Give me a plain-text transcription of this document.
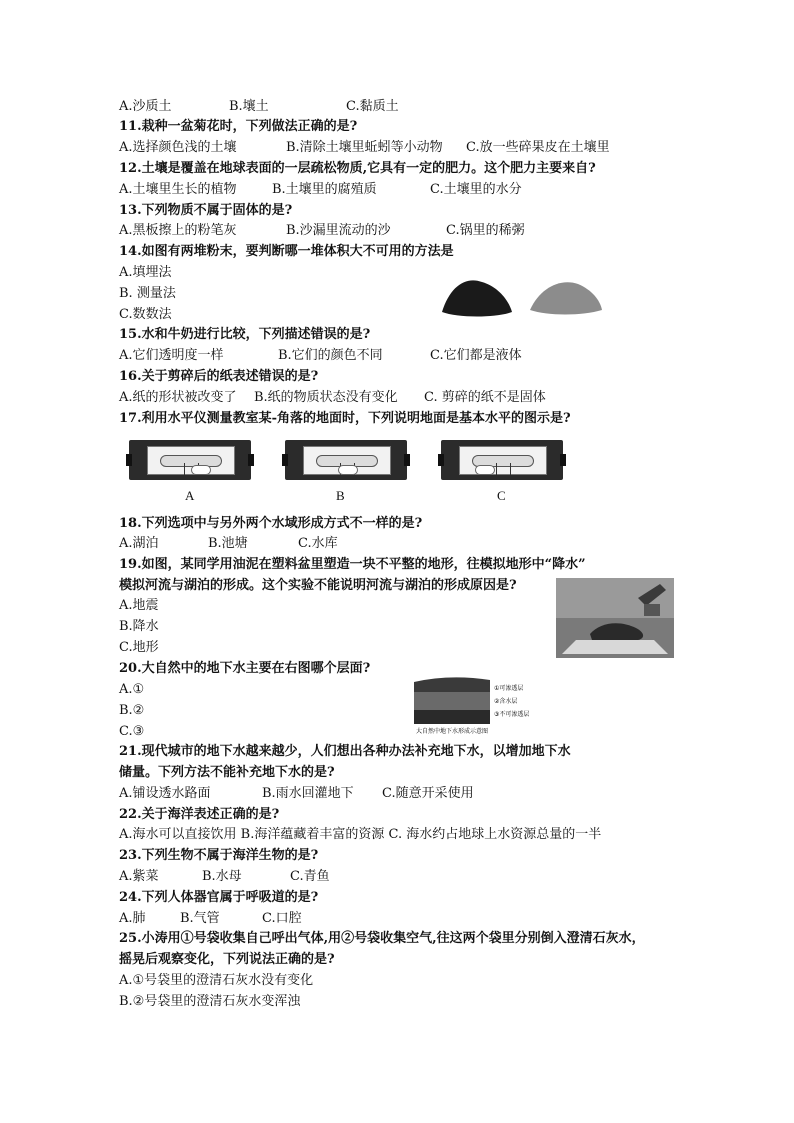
A.沙质土	B.壤土	C.黏质土
11.栽种一盆菊花时，下列做法正确的是?
A.选择颜色浅的土壤	B.清除土壤里蚯蚓等小动物 C.放一些碎果皮在土壤里
12.土壤是覆盖在地球表面的一层疏松物质,它具有一定的肥力。这个肥力主要来自?
A.土壤里生长的植物	B.土壤里的腐殖质	C.土壤里的水分
13.下列物质不属于固体的是?
A.黑板擦上的粉笔灰	B.沙漏里流动的沙	C.锅里的稀粥
14.如图有两堆粉末，要判断哪一堆体积大不可用的方法是
A.填埋法
B. 测量法
C.数数法
15.水和牛奶进行比较，下列描述错误的是?
A.它们透明度一样	B.它们的颜色不同	C.它们都是液体
16.关于剪碎后的纸表述错误的是?
A.纸的形状被改变了 B.纸的物质状态没有变化 C. 剪碎的纸不是固体
17.利用水平仪测量教室某-角落的地面时，下列说明地面是基本水平的图示是?
A	B	C
18.下列选项中与另外两个水域形成方式不一样的是?
A.湖泊	B.池塘	C.水库
19.如图，某同学用油泥在塑料盆里塑造一块不平整的地形，往模拟地形中“降水”
模拟河流与湖泊的形成。这个实验不能说明河流与湖泊的形成原因是?
A.地震
B.降水
C.地形
20.大自然中的地下水主要在右图哪个层面?
A.①
B.②
C.③
①可渗透层
②含水层
③不可渗透层
大自然中地下水形成示意图
21.现代城市的地下水越来越少，人们想出各种办法补充地下水，以增加地下水
储量。下列方法不能补充地下水的是?
A.铺设透水路面	B.雨水回灌地下 C.随意开采使用
22.关于海洋表述正确的是?
A.海水可以直接饮用 B.海洋蕴藏着丰富的资源 C. 海水约占地球上水资源总量的一半
23.下列生物不属于海洋生物的是?
A.紫菜	B.水母	C.青鱼
24.下列人体器官属于呼吸道的是?
A.肺	B.气管	C.口腔
25.小涛用①号袋收集自己呼出气体,用②号袋收集空气,往这两个袋里分别倒入澄清石灰水，
摇晃后观察变化，下列说法正确的是?
A.①号袋里的澄清石灰水没有变化
B.②号袋里的澄清石灰水变浑浊
